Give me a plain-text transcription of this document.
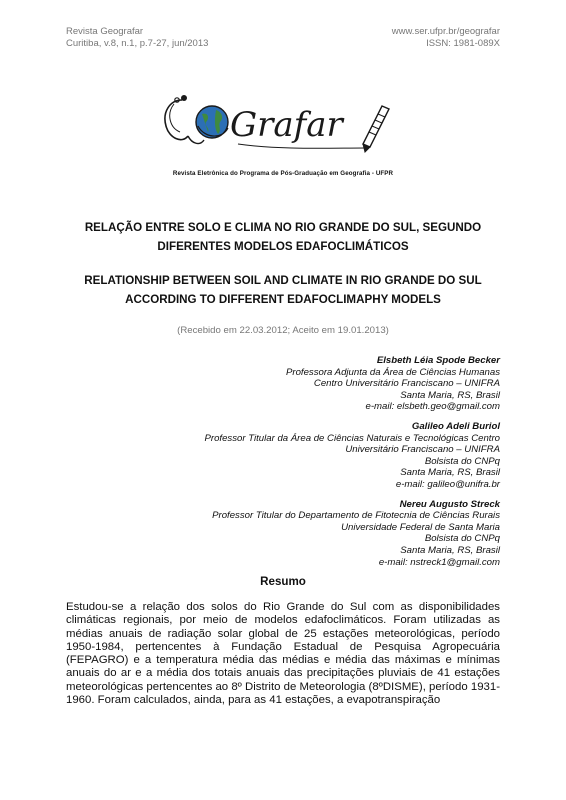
Revista Geografar
Curitiba, v.8, n.1, p.7-27, jun/2013
www.ser.ufpr.br/geografar
ISSN: 1981-089X
Grafar
Revista Eletrônica do Programa de Pós-Graduação em Geografia - UFPR
RELAÇÃO ENTRE SOLO E CLIMA NO RIO GRANDE DO SUL, SEGUNDO
DIFERENTES MODELOS EDAFOCLIMÁTICOS
RELATIONSHIP BETWEEN SOIL AND CLIMATE IN RIO GRANDE DO SUL
ACCORDING TO DIFFERENT EDAFOCLIMAPHY MODELS
(Recebido em 22.03.2012; Aceito em 19.01.2013)
Elsbeth Léia Spode Becker
Professora Adjunta da Área de Ciências Humanas
Centro Universitário Franciscano – UNIFRA
Santa Maria, RS, Brasil
e-mail: elsbeth.geo@gmail.com
Galileo Adeli Buriol
Professor Titular da Área de Ciências Naturais e Tecnológicas Centro
Universitário Franciscano – UNIFRA
Bolsista do CNPq
Santa Maria, RS, Brasil
e-mail: galileo@unifra.br
Nereu Augusto Streck
Professor Titular do Departamento de Fitotecnia de Ciências Rurais
Universidade Federal de Santa Maria
Bolsista do CNPq
Santa Maria, RS, Brasil
e-mail: nstreck1@gmail.com
Resumo
Estudou-se a relação dos solos do Rio Grande do Sul com as disponibilidades climáticas regionais, por meio de modelos edafoclimáticos. Foram utilizadas as médias anuais de radiação solar global de 25 estações meteorológicas, período 1950-1984, pertencentes à Fundação Estadual de Pesquisa Agropecuária (FEPAGRO) e a temperatura média das médias e média das máximas e mínimas anuais do ar e a média dos totais anuais das precipitações pluviais de 41 estações meteorológicas pertencentes ao 8º Distrito de Meteorologia (8ºDISME), período 1931-1960. Foram calculados, ainda, para as 41 estações, a evapotranspiração
